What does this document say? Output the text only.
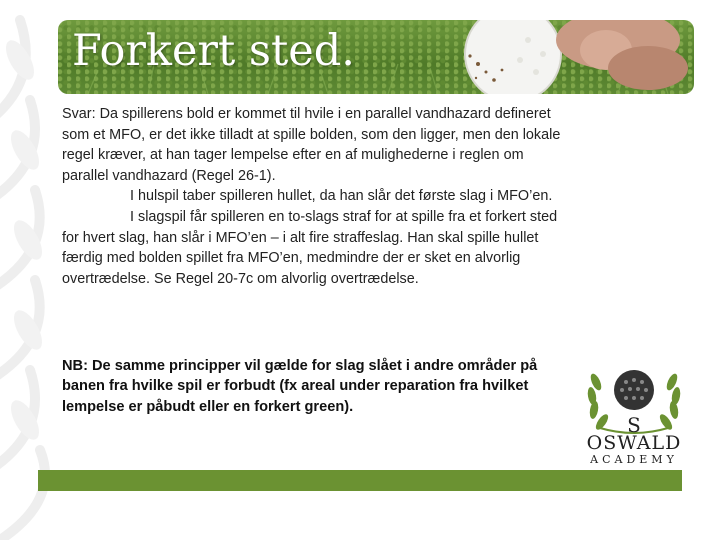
Forkert sted.

Svar: Da spillerens bold er kommet til hvile i en parallel vandhazard defineret som et MFO, er det ikke tilladt at spille bolden, som den ligger, men den lokale regel kræver, at han tager lempelse efter en af mulighederne i reglen om parallel vandhazard (Regel 26-1).

I hulspil taber spilleren hullet, da han slår det første slag i MFO’en.

I slagspil får spilleren en to-slags straf for at spille fra et forkert sted for hvert slag, han slår i MFO’en – i alt fire straffeslag. Han skal spille hullet færdig med bolden spillet fra MFO’en, medmindre der er sket en alvorlig overtrædelse. Se Regel 20-7c om alvorlig overtrædelse.

NB: De samme principper vil gælde for slag slået i andre områder på banen fra hvilke spil er forbudt (fx areal under reparation fra hvilket lempelse er påbudt eller en forkert green).
S
OSWALD
ACADEMY
